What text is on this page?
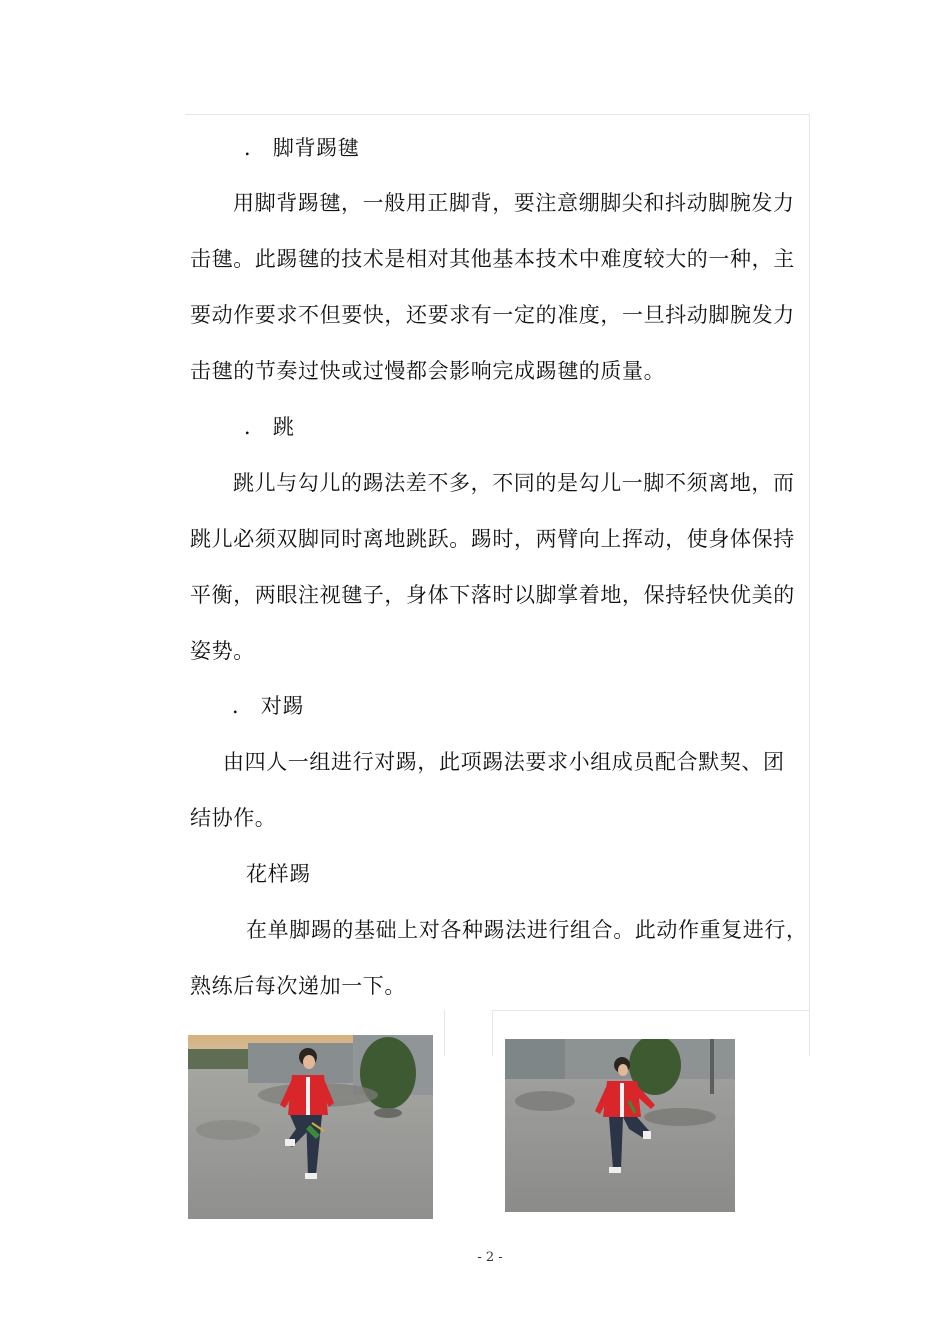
． 脚背踢毽
用脚背踢毽，一般用正脚背，要注意绷脚尖和抖动脚腕发力
击毽。此踢毽的技术是相对其他基本技术中难度较大的一种，主
要动作要求不但要快，还要求有一定的准度，一旦抖动脚腕发力
击毽的节奏过快或过慢都会影响完成踢毽的质量。
． 跳
跳儿与勾儿的踢法差不多，不同的是勾儿一脚不须离地，而
跳儿必须双脚同时离地跳跃。踢时，两臂向上挥动，使身体保持
平衡，两眼注视毽子，身体下落时以脚掌着地，保持轻快优美的
姿势。
． 对踢
由四人一组进行对踢，此项踢法要求小组成员配合默契、团
结协作。
花样踢
在单脚踢的基础上对各种踢法进行组合。此动作重复进行，
熟练后每次递加一下。
- 2 -
